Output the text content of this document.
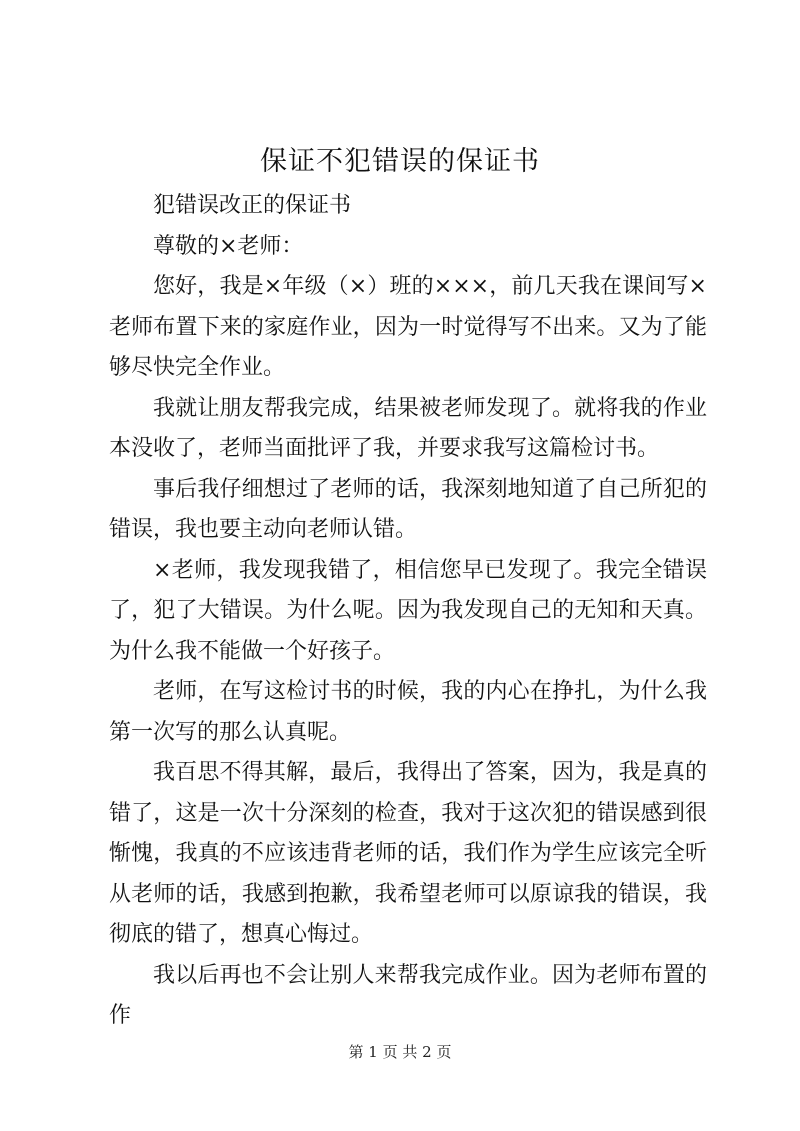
保证不犯错误的保证书

犯错误改正的保证书

尊敬的×老师：

您好，我是×年级（×）班的×××，前几天我在课间写×老师布置下来的家庭作业，因为一时觉得写不出来。又为了能够尽快完全作业。

我就让朋友帮我完成，结果被老师发现了。就将我的作业本没收了，老师当面批评了我，并要求我写这篇检讨书。

事后我仔细想过了老师的话，我深刻地知道了自己所犯的错误，我也要主动向老师认错。

×老师，我发现我错了，相信您早已发现了。我完全错误了，犯了大错误。为什么呢。因为我发现自己的无知和天真。为什么我不能做一个好孩子。

老师，在写这检讨书的时候，我的内心在挣扎，为什么我第一次写的那么认真呢。

我百思不得其解，最后，我得出了答案，因为，我是真的错了，这是一次十分深刻的检查，我对于这次犯的错误感到很惭愧，我真的不应该违背老师的话，我们作为学生应该完全听从老师的话，我感到抱歉，我希望老师可以原谅我的错误，我彻底的错了，想真心悔过。

我以后再也不会让别人来帮我完成作业。因为老师布置的作

第 1 页 共 2 页
